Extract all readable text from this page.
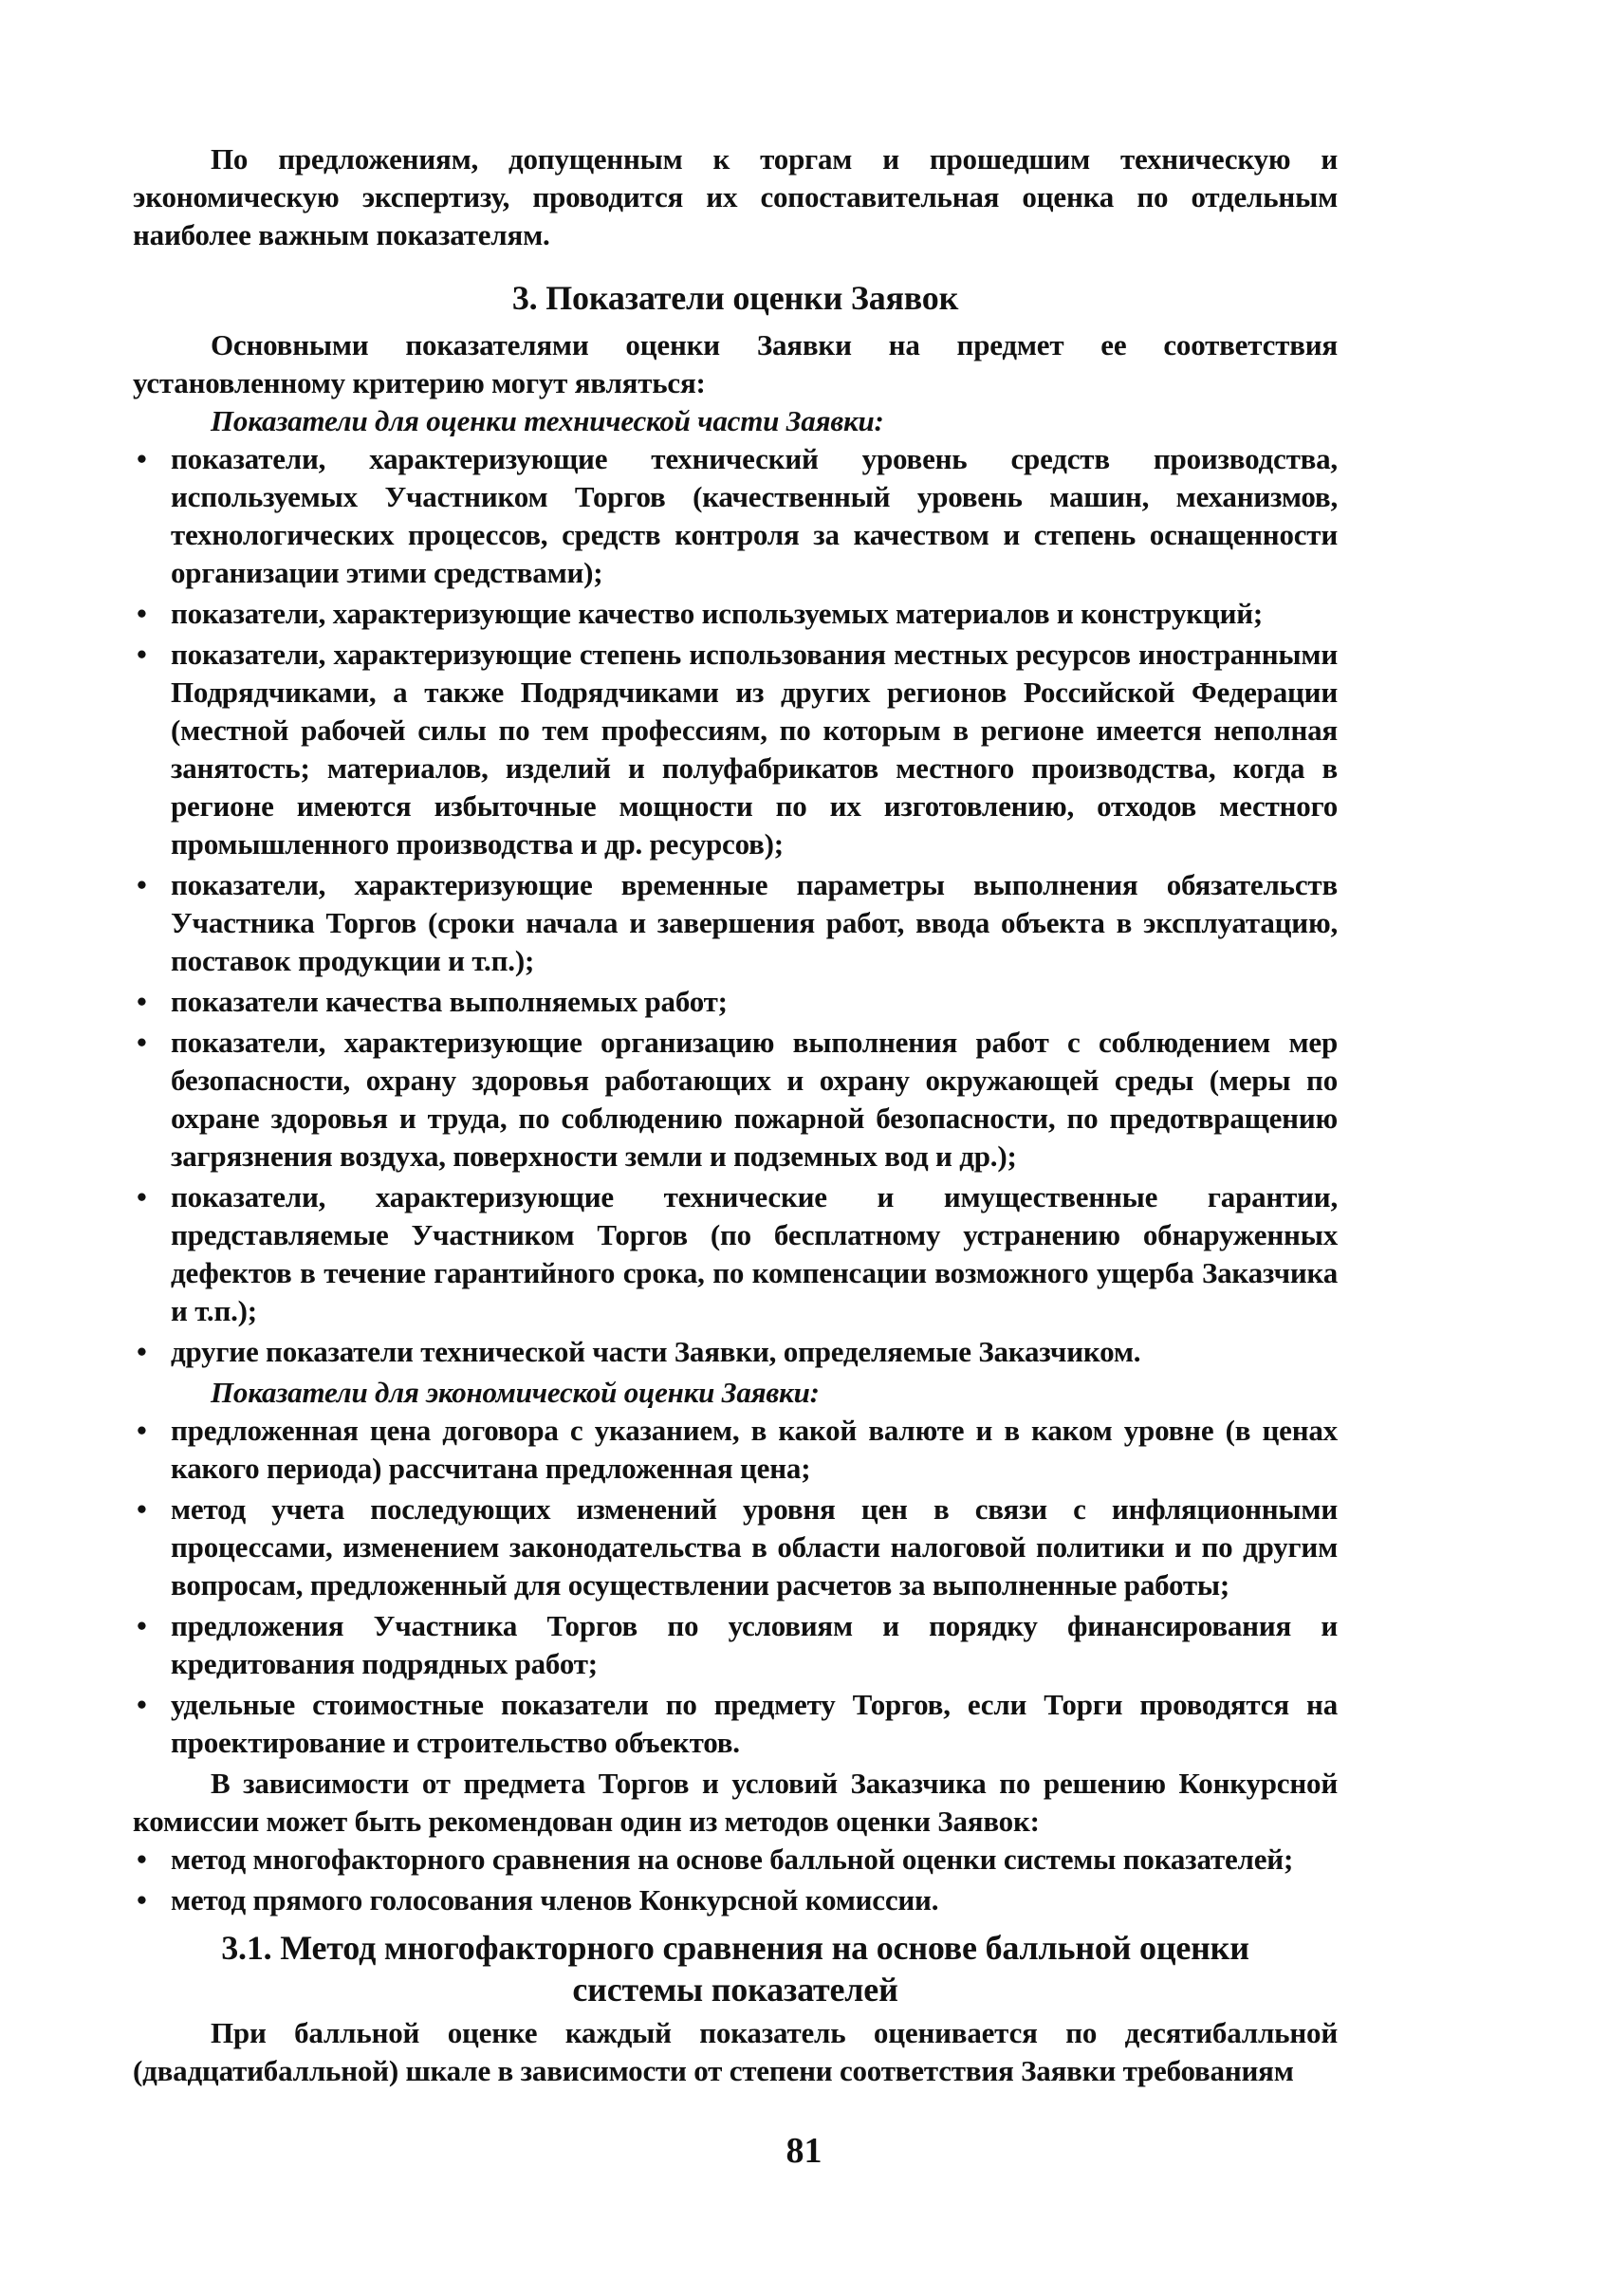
По предложениям, допущенным к торгам и прошедшим техническую и экономическую экспертизу, проводится их сопоставительная оценка по отдельным наиболее важным показателям.

3. Показатели оценки Заявок

Основными показателями оценки Заявки на предмет ее соответствия установленному критерию могут являться:

Показатели для оценки технической части Заявки:

• показатели, характеризующие технический уровень средств производства, используемых Участником Торгов (качественный уровень машин, механизмов, технологических процессов, средств контроля за качеством и степень оснащенности организации этими средствами);
• показатели, характеризующие качество используемых материалов и конструкций;
• показатели, характеризующие степень использования местных ресурсов иностранными Подрядчиками, а также Подрядчиками из других регионов Российской Федерации (местной рабочей силы по тем профессиям, по которым в регионе имеется неполная занятость; материалов, изделий и полуфабрикатов местного производства, когда в регионе имеются избыточные мощности по их изготовлению, отходов местного промышленного производства и др. ресурсов);
• показатели, характеризующие временные параметры выполнения обязательств Участника Торгов (сроки начала и завершения работ, ввода объекта в эксплуатацию, поставок продукции и т.п.);
• показатели качества выполняемых работ;
• показатели, характеризующие организацию выполнения работ с соблюдением мер безопасности, охрану здоровья работающих и охрану окружающей среды (меры по охране здоровья и труда, по соблюдению пожарной безопасности, по предотвращению загрязнения воздуха, поверхности земли и подземных вод и др.);
• показатели, характеризующие технические и имущественные гарантии, представляемые Участником Торгов (по бесплатному устранению обнаруженных дефектов в течение гарантийного срока, по компенсации возможного ущерба Заказчика и т.п.);
• другие показатели технической части Заявки, определяемые Заказчиком.

Показатели для экономической оценки Заявки:

• предложенная цена договора с указанием, в какой валюте и в каком уровне (в ценах какого периода) рассчитана предложенная цена;
• метод учета последующих изменений уровня цен в связи с инфляционными процессами, изменением законодательства в области налоговой политики и по другим вопросам, предложенный для осуществлении расчетов за выполненные работы;
• предложения Участника Торгов по условиям и порядку финансирования и кредитования подрядных работ;
• удельные стоимостные показатели по предмету Торгов, если Торги проводятся на проектирование и строительство объектов.

В зависимости от предмета Торгов и условий Заказчика по решению Конкурсной комиссии может быть рекомендован один из методов оценки Заявок:

• метод многофакторного сравнения на основе балльной оценки системы показателей;
• метод прямого голосования членов Конкурсной комиссии.
3.1. Метод многофакторного сравнения на основе балльной оценки
системы показателей

При балльной оценке каждый показатель оценивается по десятибалльной (двадцатибалльной) шкале в зависимости от степени соответствия Заявки требованиям

81
